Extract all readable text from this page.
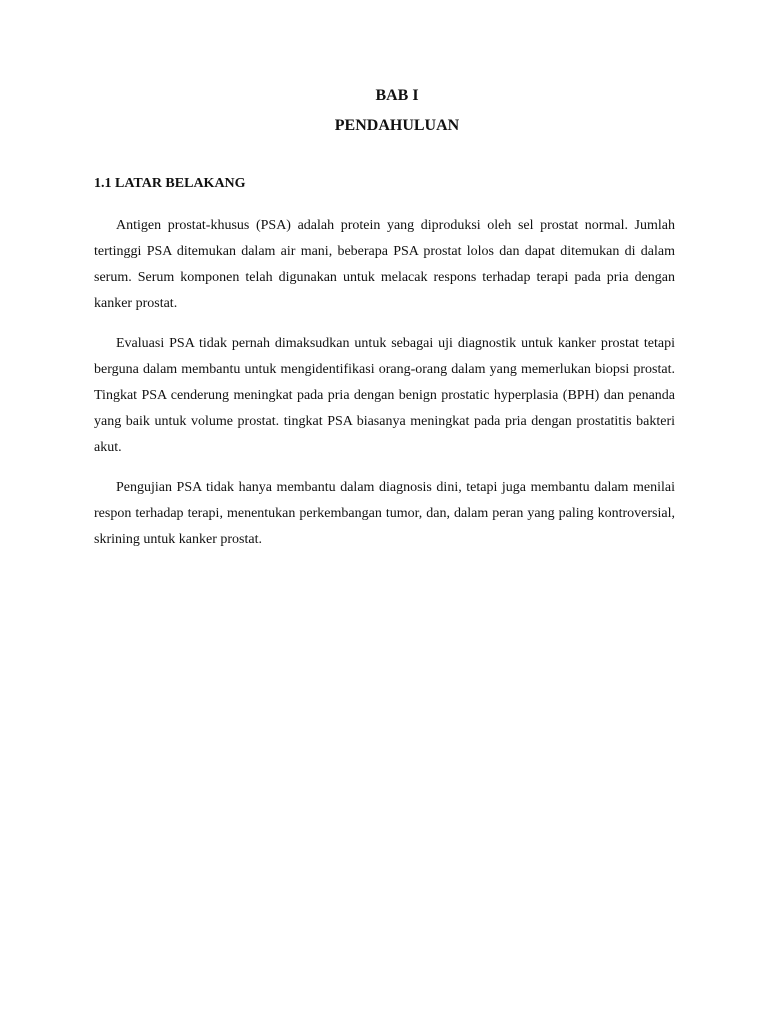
BAB I
PENDAHULUAN
1.1 LATAR BELAKANG

Antigen prostat-khusus (PSA) adalah protein yang diproduksi oleh sel prostat normal. Jumlah tertinggi PSA ditemukan dalam air mani, beberapa PSA prostat lolos dan dapat ditemukan di dalam serum. Serum komponen telah digunakan untuk melacak respons terhadap terapi pada pria dengan kanker prostat.

Evaluasi PSA tidak pernah dimaksudkan untuk sebagai uji diagnostik untuk kanker prostat tetapi berguna dalam membantu untuk mengidentifikasi orang-orang dalam yang memerlukan biopsi prostat. Tingkat PSA cenderung meningkat pada pria dengan benign prostatic hyperplasia (BPH) dan penanda yang baik untuk volume prostat. tingkat PSA biasanya meningkat pada pria dengan prostatitis bakteri akut.

Pengujian PSA tidak hanya membantu dalam diagnosis dini, tetapi juga membantu dalam menilai respon terhadap terapi, menentukan perkembangan tumor, dan, dalam peran yang paling kontroversial, skrining untuk kanker prostat.
